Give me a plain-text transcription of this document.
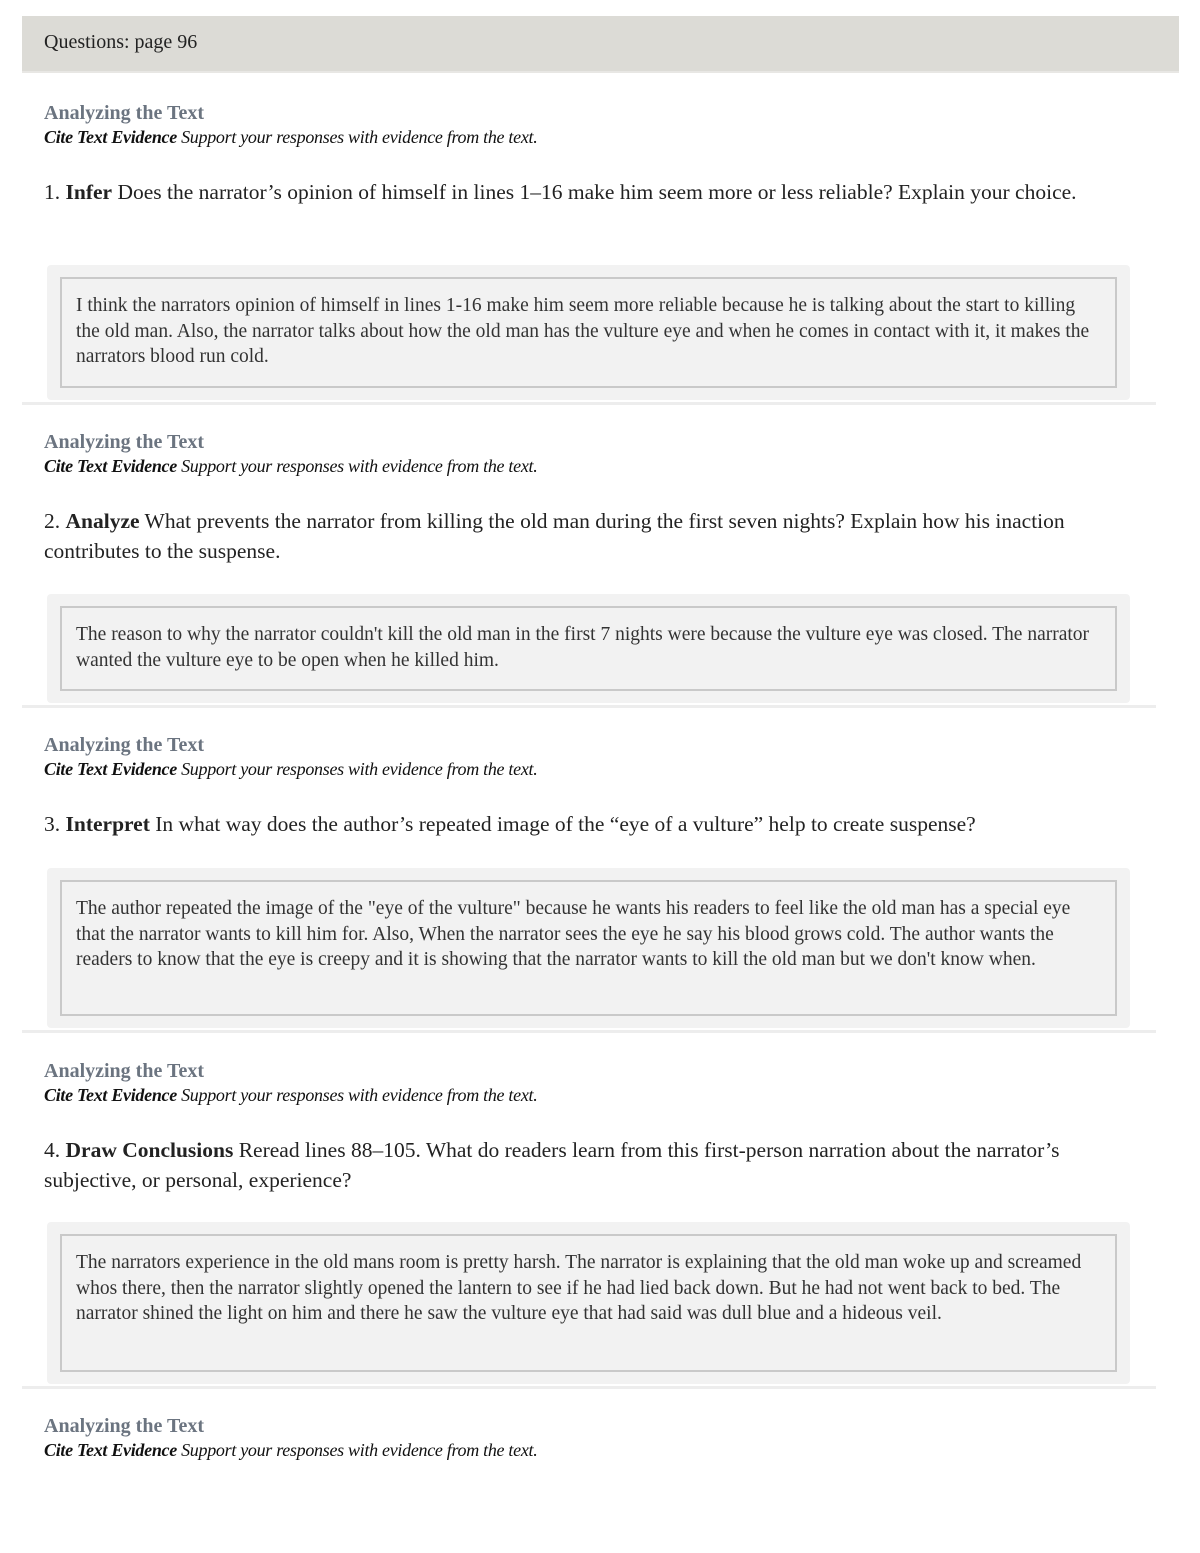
Questions: page 96
Analyzing the Text
Cite Text Evidence Support your responses with evidence from the text.
1. Infer Does the narrator’s opinion of himself in lines 1–16 make him seem more or less reliable? Explain your choice.
I think the narrators opinion of himself in lines 1-16 make him seem more reliable because he is talking about the start to killing the old man. Also, the narrator talks about how the old man has the vulture eye and when he comes in contact with it, it makes the narrators blood run cold.
Analyzing the Text
Cite Text Evidence Support your responses with evidence from the text.
2. Analyze What prevents the narrator from killing the old man during the first seven nights? Explain how his inaction contributes to the suspense.
The reason to why the narrator couldn't kill the old man in the first 7 nights were because the vulture eye was closed. The narrator wanted the vulture eye to be open when he killed him.
Analyzing the Text
Cite Text Evidence Support your responses with evidence from the text.
3. Interpret In what way does the author’s repeated image of the “eye of a vulture” help to create suspense?
The author repeated the image of the "eye of the vulture" because he wants his readers to feel like the old man has a special eye that the narrator wants to kill him for. Also, When the narrator sees the eye he say his blood grows cold. The author wants the readers to know that the eye is creepy and it is showing that the narrator wants to kill the old man but we don't know when.
Analyzing the Text
Cite Text Evidence Support your responses with evidence from the text.
4. Draw Conclusions Reread lines 88–105. What do readers learn from this first-person narration about the narrator’s subjective, or personal, experience?
The narrators experience in the old mans room is pretty harsh. The narrator is explaining that the old man woke up and screamed whos there, then the narrator slightly opened the lantern to see if he had lied back down. But he had not went back to bed. The narrator shined the light on him and there he saw the vulture eye that had said was dull blue and a hideous veil.
Analyzing the Text
Cite Text Evidence Support your responses with evidence from the text.
